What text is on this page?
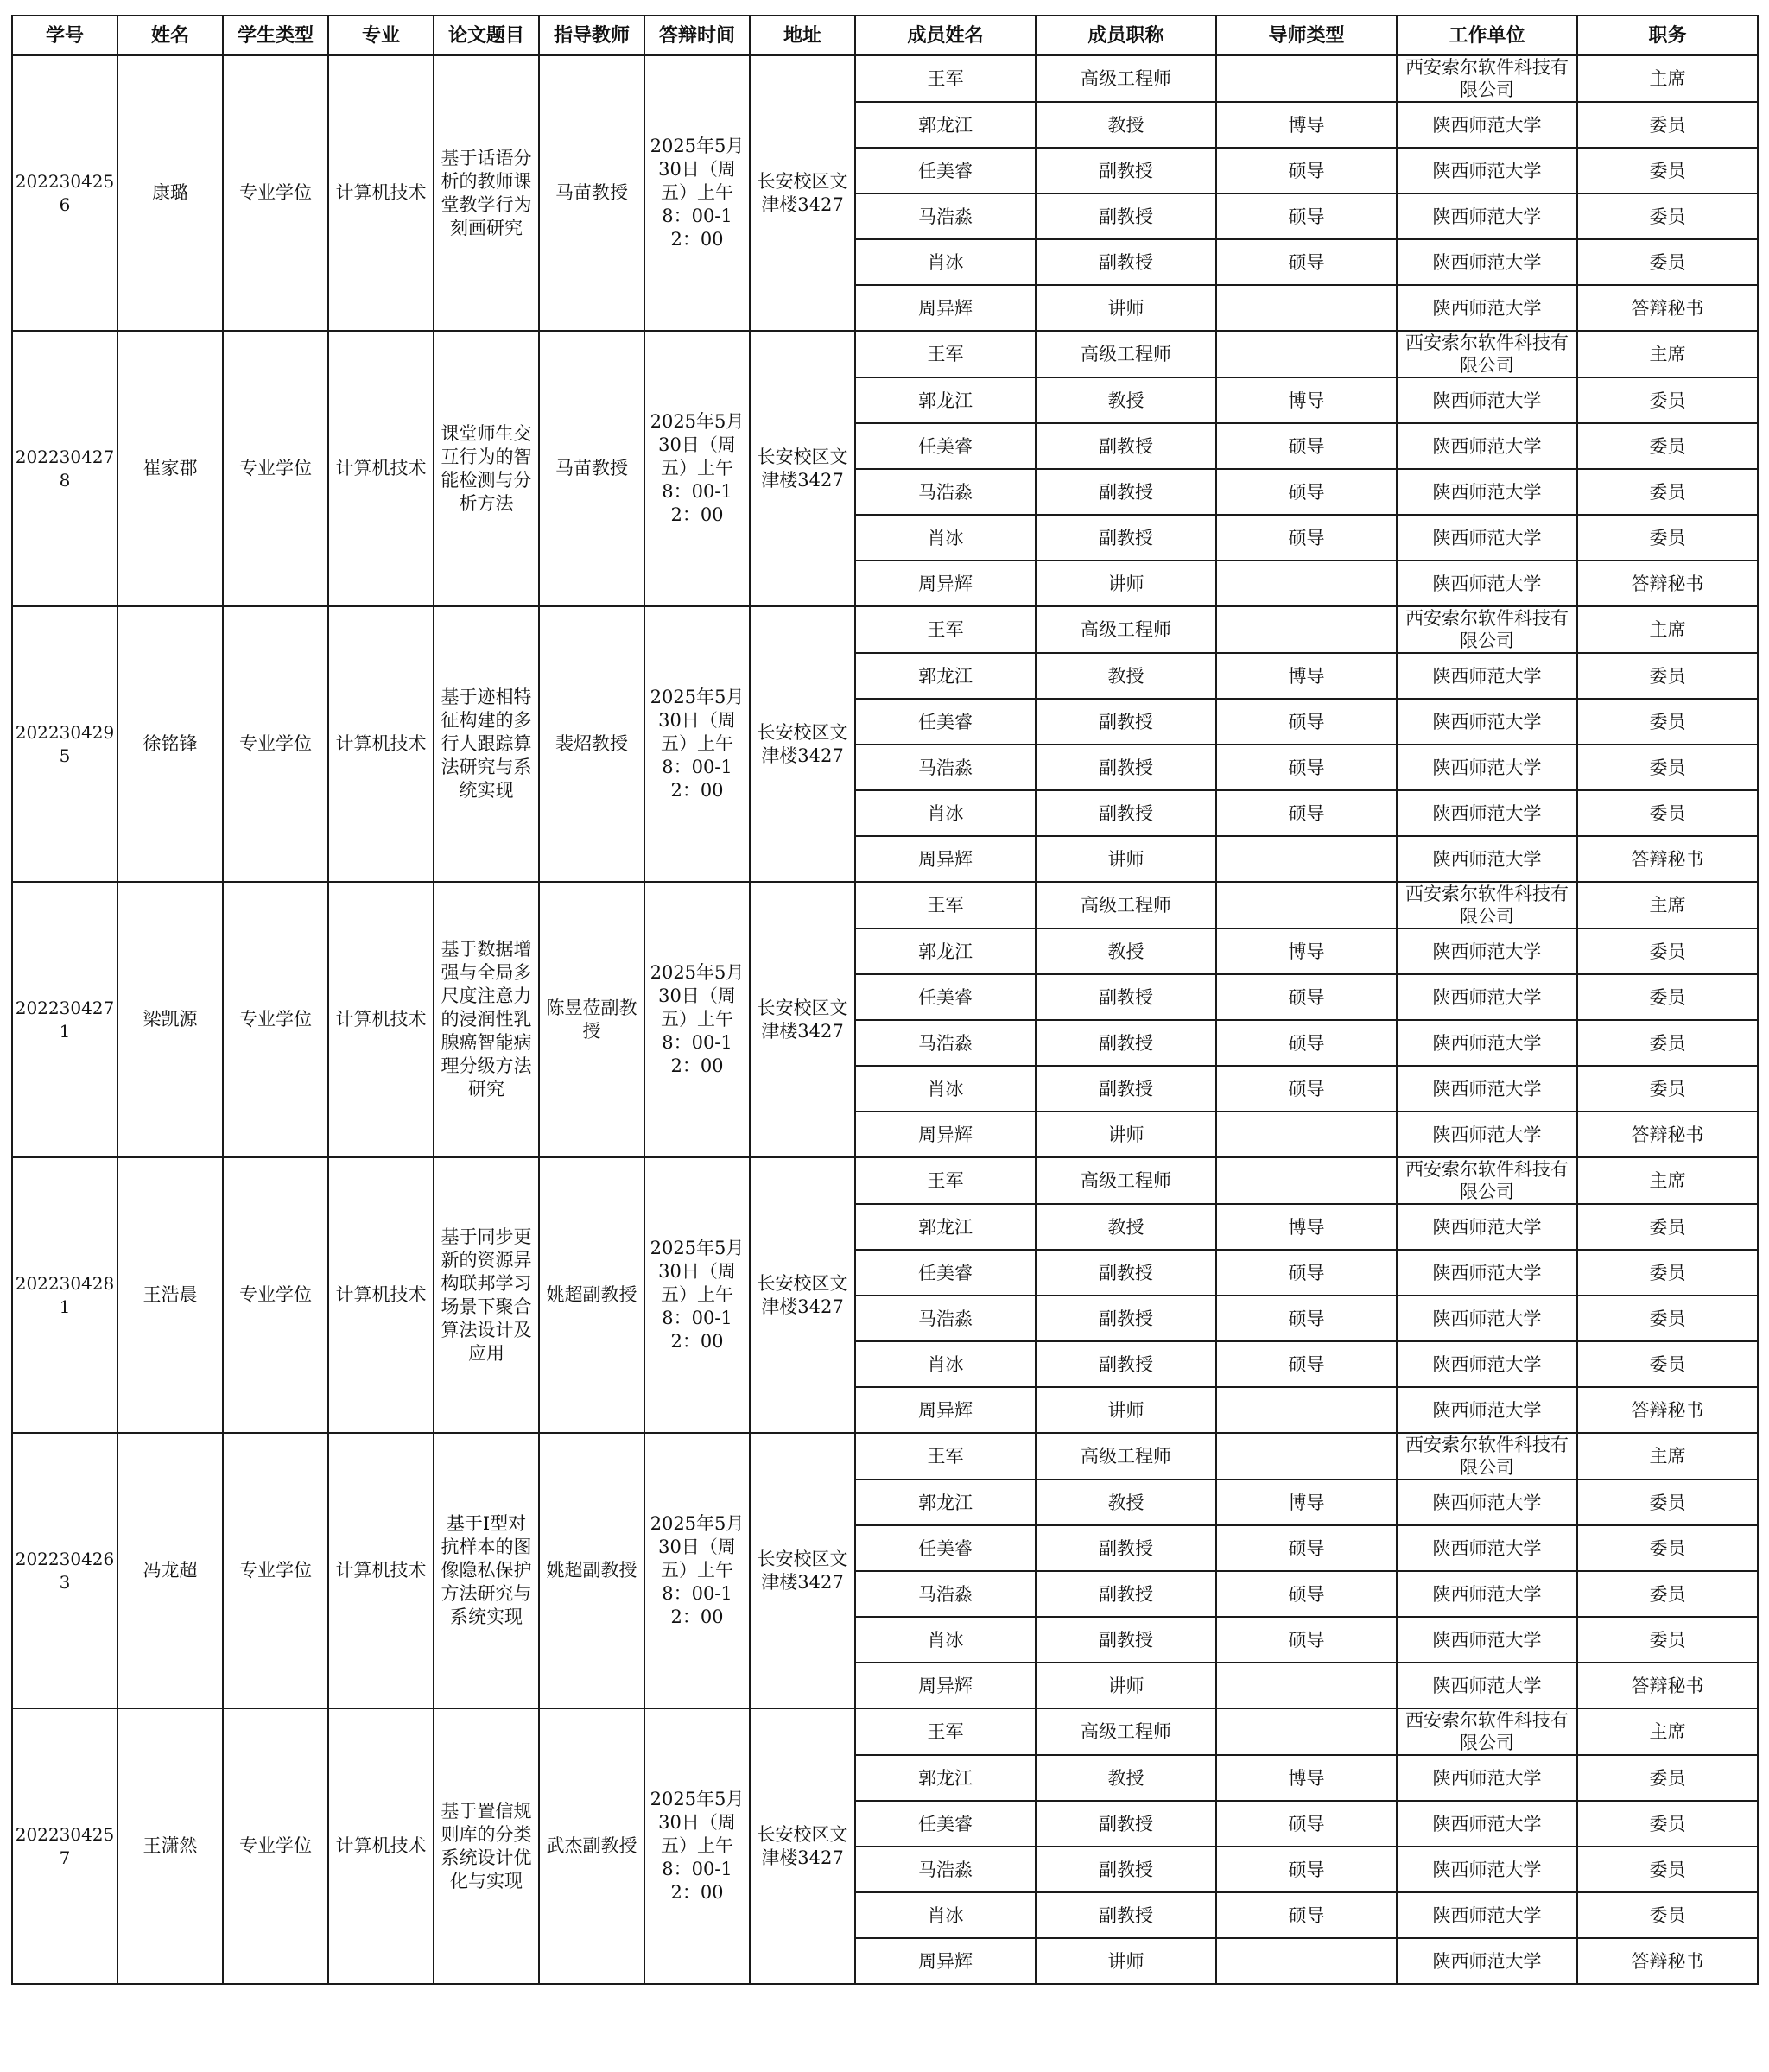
学号	姓名	学生类型	专业	论文题目	指导教师	答辩时间	地址	成员姓名	成员职称	导师类型	工作单位	职务
2022304256	康璐	专业学位	计算机技术	基于话语分析的教师课堂教学行为刻画研究	马苗教授	2025年5月30日（周五）上午8：00-12：00	长安校区文津楼3427	王军	高级工程师		西安索尔软件科技有限公司	主席
								郭龙江	教授	博导	陕西师范大学	委员
								任美睿	副教授	硕导	陕西师范大学	委员
								马浩淼	副教授	硕导	陕西师范大学	委员
								肖冰	副教授	硕导	陕西师范大学	委员
								周异辉	讲师		陕西师范大学	答辩秘书
2022304278	崔家郡	专业学位	计算机技术	课堂师生交互行为的智能检测与分析方法	马苗教授	2025年5月30日（周五）上午8：00-12：00	长安校区文津楼3427	王军	高级工程师		西安索尔软件科技有限公司	主席
								郭龙江	教授	博导	陕西师范大学	委员
								任美睿	副教授	硕导	陕西师范大学	委员
								马浩淼	副教授	硕导	陕西师范大学	委员
								肖冰	副教授	硕导	陕西师范大学	委员
								周异辉	讲师		陕西师范大学	答辩秘书
2022304295	徐铭锋	专业学位	计算机技术	基于迹相特征构建的多行人跟踪算法研究与系统实现	裴炤教授	2025年5月30日（周五）上午8：00-12：00	长安校区文津楼3427	王军	高级工程师		西安索尔软件科技有限公司	主席
								郭龙江	教授	博导	陕西师范大学	委员
								任美睿	副教授	硕导	陕西师范大学	委员
								马浩淼	副教授	硕导	陕西师范大学	委员
								肖冰	副教授	硕导	陕西师范大学	委员
								周异辉	讲师		陕西师范大学	答辩秘书
2022304271	梁凯源	专业学位	计算机技术	基于数据增强与全局多尺度注意力的浸润性乳腺癌智能病理分级方法研究	陈昱莅副教授	2025年5月30日（周五）上午8：00-12：00	长安校区文津楼3427	王军	高级工程师		西安索尔软件科技有限公司	主席
								郭龙江	教授	博导	陕西师范大学	委员
								任美睿	副教授	硕导	陕西师范大学	委员
								马浩淼	副教授	硕导	陕西师范大学	委员
								肖冰	副教授	硕导	陕西师范大学	委员
								周异辉	讲师		陕西师范大学	答辩秘书
2022304281	王浩晨	专业学位	计算机技术	基于同步更新的资源异构联邦学习场景下聚合算法设计及应用	姚超副教授	2025年5月30日（周五）上午8：00-12：00	长安校区文津楼3427	王军	高级工程师		西安索尔软件科技有限公司	主席
								郭龙江	教授	博导	陕西师范大学	委员
								任美睿	副教授	硕导	陕西师范大学	委员
								马浩淼	副教授	硕导	陕西师范大学	委员
								肖冰	副教授	硕导	陕西师范大学	委员
								周异辉	讲师		陕西师范大学	答辩秘书
2022304263	冯龙超	专业学位	计算机技术	基于I型对抗样本的图像隐私保护方法研究与系统实现	姚超副教授	2025年5月30日（周五）上午8：00-12：00	长安校区文津楼3427	王军	高级工程师		西安索尔软件科技有限公司	主席
								郭龙江	教授	博导	陕西师范大学	委员
								任美睿	副教授	硕导	陕西师范大学	委员
								马浩淼	副教授	硕导	陕西师范大学	委员
								肖冰	副教授	硕导	陕西师范大学	委员
								周异辉	讲师		陕西师范大学	答辩秘书
2022304257	王潇然	专业学位	计算机技术	基于置信规则库的分类系统设计优化与实现	武杰副教授	2025年5月30日（周五）上午8：00-12：00	长安校区文津楼3427	王军	高级工程师		西安索尔软件科技有限公司	主席
								郭龙江	教授	博导	陕西师范大学	委员
								任美睿	副教授	硕导	陕西师范大学	委员
								马浩淼	副教授	硕导	陕西师范大学	委员
								肖冰	副教授	硕导	陕西师范大学	委员
								周异辉	讲师		陕西师范大学	答辩秘书
